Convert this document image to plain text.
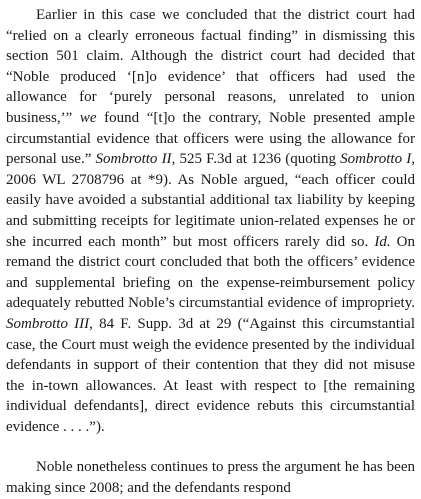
Earlier in this case we concluded that the district court had “relied on a clearly erroneous factual finding” in dismissing this section 501 claim. Although the district court had decided that “Noble produced ‘[n]o evidence’ that officers had used the allowance for ‘purely personal reasons, unrelated to union business,’” we found “[t]o the contrary, Noble presented ample circumstantial evidence that officers were using the allowance for personal use.” Sombrotto II, 525 F.3d at 1236 (quoting Sombrotto I, 2006 WL 2708796 at *9). As Noble argued, “each officer could easily have avoided a substantial additional tax liability by keeping and submitting receipts for legitimate union-related expenses he or she incurred each month” but most officers rarely did so. Id. On remand the district court concluded that both the officers’ evidence and supplemental briefing on the expense-reimbursement policy adequately rebutted Noble’s circumstantial evidence of impropriety. Sombrotto III, 84 F. Supp. 3d at 29 (“Against this circumstantial case, the Court must weigh the evidence presented by the individual defendants in support of their contention that they did not misuse the in-town allowances. At least with respect to [the remaining individual defendants], direct evidence rebuts this circumstantial evidence . . . .”).

Noble nonetheless continues to press the argument he has been making since 2008; and the defendants respond
